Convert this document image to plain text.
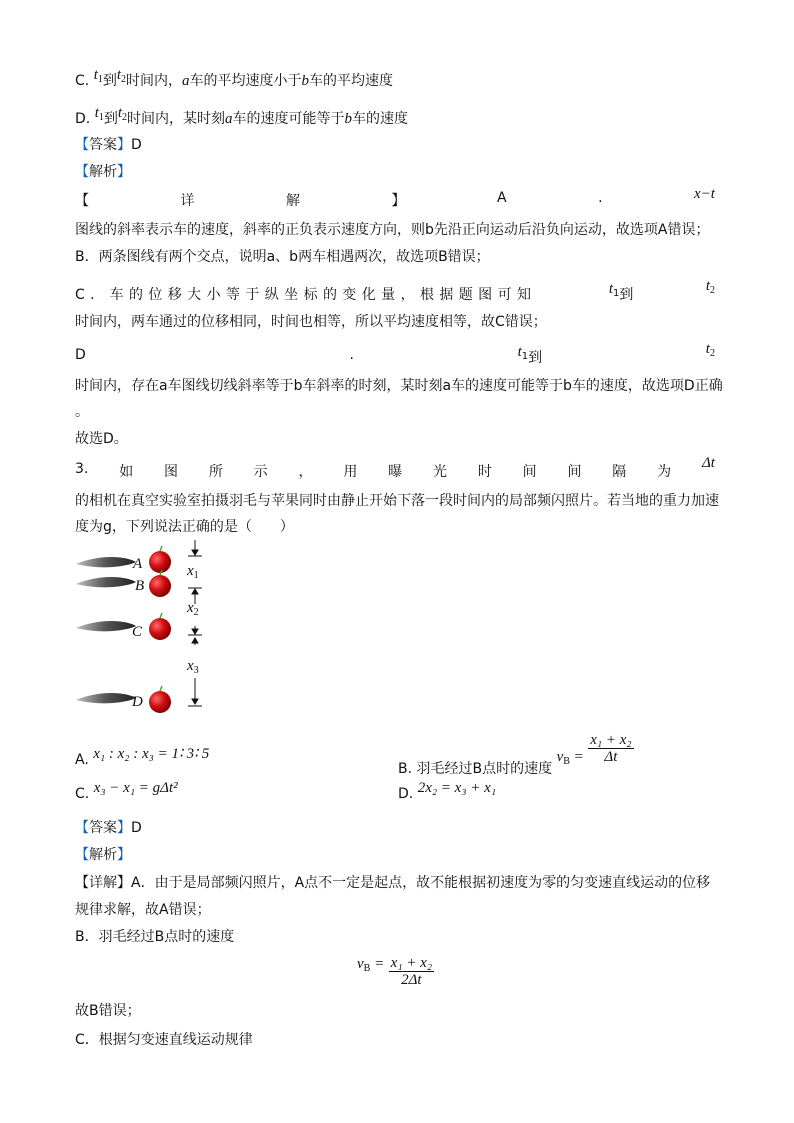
C. $t_1$到$t_2$时间内，a车的平均速度小于b车的平均速度
D. $t_1$到$t_2$时间内，某时刻a车的速度可能等于b车的速度
【答案】D
【解析】
【	详	解	】	A	.	x−t
图线的斜率表示车的速度，斜率的正负表示速度方向，则b先沿正向运动后沿负向运动，故选项A错误；
B．两条图线有两个交点，说明a、b两车相遇两次，故选项B错误；
C．车的位移大小等于纵坐标的变化量，根据题图可知	$t^1$到
$t_2$
时间内，两车通过的位移相同，时间也相等，所以平均速度相等，故C错误；
D	.	$t^1$到
$t_2$
时间内，存在a车图线切线斜率等于b车斜率的时刻，某时刻a车的速度可能等于b车的速度，故选项D正确
。
故选D。
3. 如 图 所 示 ， 用 曝 光 时 间 间 隔 为
Δt
的相机在真空实验室拍摄羽毛与苹果同时由静止开始下落一段时间内的局部频闪照片。若当地的重力加速
度为g，下列说法正确的是（　　）
A
B
C
D
$x_1$
$x_2$
$x_3$
A. x₁ : x₂ : x₃ = 1∶ 3∶ 5
B. 羽毛经过B点时的速度 $v_B = \frac{\text{x₁ + x₂}}{\Delta t}$
C. x₃ − x₁ = gΔt²	D. 2x₂ = x₃ + x₁
【答案】D
【解析】
【详解】A．由于是局部频闪照片，A点不一定是起点，故不能根据初速度为零的匀变速直线运动的位移
规律求解，故A错误；
B．羽毛经过B点时的速度
$v_B = \frac{\text{x₁ + x₂}}{2\Delta t}$
故B错误；
C．根据匀变速直线运动规律
